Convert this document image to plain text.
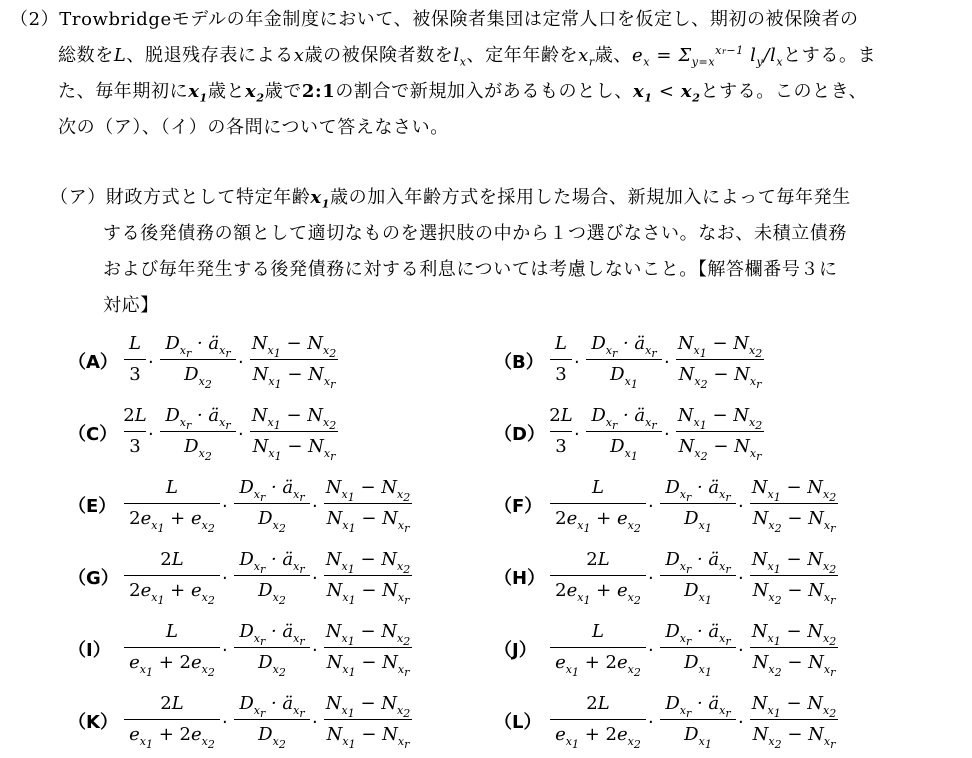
（2）Trowbridgeモデルの年金制度において、被保険者集団は定常人口を仮定し、期初の被保険者の
総数をL、脱退残存表によるx歳の被保険者数を$l_x$、定年年齢を$x_r$歳、$e_x = \Sigma_{y=x}^{xr-1}$ $l_y/l_x$とする。ま
た、毎年期初に$x_1$歳と$x_2$歳で2:1の割合で新規加入があるものとし、$x_1 < x_2$とする。このとき、
次の（ア）、（イ）の各問について答えなさい。
（ア）財政方式として特定年齢$x_1$歳の加入年齢方式を採用した場合、新規加入によって毎年発生
する後発債務の額として適切なものを選択肢の中から１つ選びなさい。なお、未積立債務
および毎年発生する後発債務に対する利息については考慮しないこと。【解答欄番号３に
対応】
（A）
L
3
·
$D_{x_r}$ · $ä_{x_r}$
$D_{x_2}$
·
$N_{x_1} - N_{x_2}$
$N_{x_1} - N_{x_r}$
（B）
L
3
·
$D_{x_r}$ · $ä_{x_r}$
$D_{x_1}$
·
$N_{x_1} - N_{x_2}$
$N_{x_2} - N_{x_r}$
（C）
2L
3
·
$D_{x_r}$ · $ä_{x_r}$
$D_{x_2}$
·
$N_{x_1} - N_{x_2}$
$N_{x_1} - N_{x_r}$
（D）
2L
3
·
$D_{x_r}$ · $ä_{x_r}$
$D_{x_1}$
·
$N_{x_1} - N_{x_2}$
$N_{x_2} - N_{x_r}$
（E）
L
$2e_{x_1} + e_{x_2}$
·
$D_{x_r}$ · $ä_{x_r}$
$D_{x_2}$
·
$N_{x_1} - N_{x_2}$
$N_{x_1} - N_{x_r}$
（F）
L
$2e_{x_1} + e_{x_2}$
·
$D_{x_r}$ · $ä_{x_r}$
$D_{x_1}$
·
$N_{x_1} - N_{x_2}$
$N_{x_2} - N_{x_r}$
（G）
2L
$2e_{x_1} + e_{x_2}$
·
$D_{x_r}$ · $ä_{x_r}$
$D_{x_2}$
·
$N_{x_1} - N_{x_2}$
$N_{x_1} - N_{x_r}$
（H）
2L
$2e_{x_1} + e_{x_2}$
·
$D_{x_r}$ · $ä_{x_r}$
$D_{x_1}$
·
$N_{x_1} - N_{x_2}$
$N_{x_2} - N_{x_r}$
（I）
L
$e_{x_1} + 2e_{x_2}$
·
$D_{x_r}$ · $ä_{x_r}$
$D_{x_2}$
·
$N_{x_1} - N_{x_2}$
$N_{x_1} - N_{x_r}$
（J）
L
$e_{x_1} + 2e_{x_2}$
·
$D_{x_r}$ · $ä_{x_r}$
$D_{x_1}$
·
$N_{x_1} - N_{x_2}$
$N_{x_2} - N_{x_r}$
（K）
2L
$e_{x_1} + 2e_{x_2}$
·
$D_{x_r}$ · $ä_{x_r}$
$D_{x_2}$
·
$N_{x_1} - N_{x_2}$
$N_{x_1} - N_{x_r}$
（L）
2L
$e_{x_1} + 2e_{x_2}$
·
$D_{x_r}$ · $ä_{x_r}$
$D_{x_1}$
·
$N_{x_1} - N_{x_2}$
$N_{x_2} - N_{x_r}$
